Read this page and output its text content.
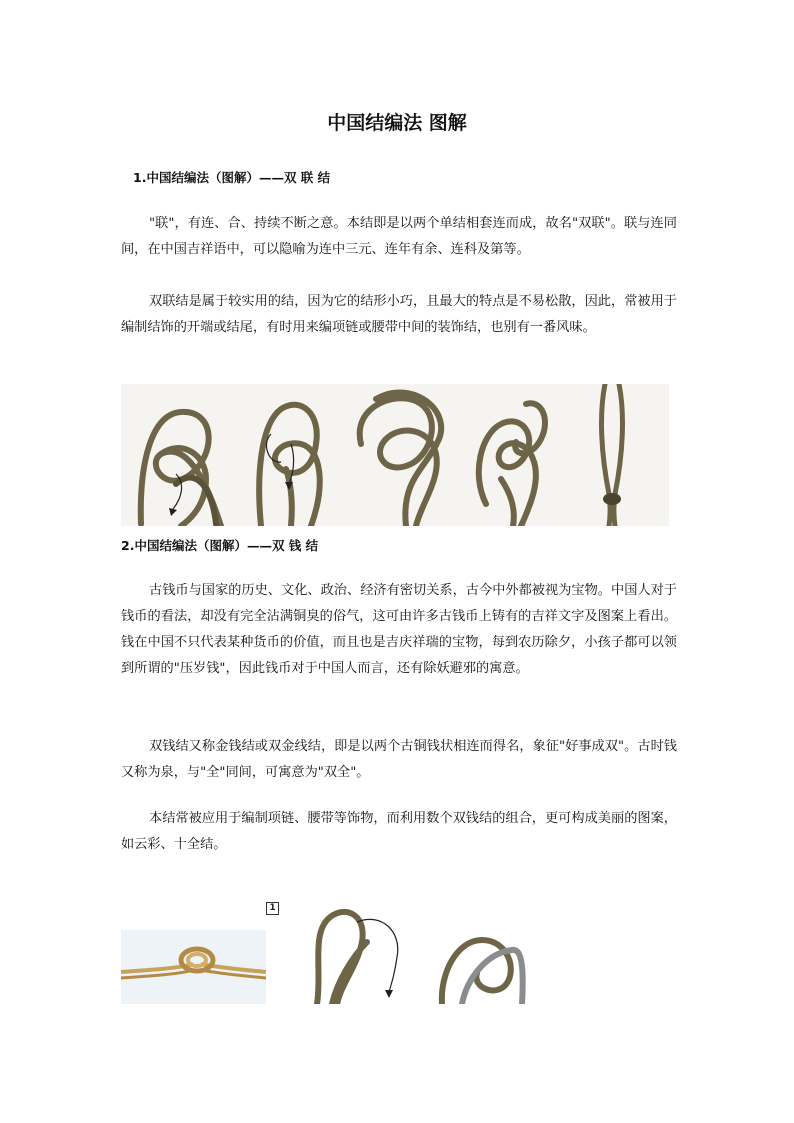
中国结编法 图解
1.中国结编法（图解）——双 联 结
"联"，有连、合、持续不断之意。本结即是以两个单结相套连而成，故名"双联"。联与连同间，在中国吉祥语中，可以隐喻为连中三元、连年有余、连科及第等。
双联结是属于较实用的结，因为它的结形小巧，且最大的特点是不易松散，因此，常被用于编制结饰的开端或结尾，有时用来编项链或腰带中间的装饰结，也别有一番风味。
2.中国结编法（图解）——双 钱 结
古钱币与国家的历史、文化、政治、经济有密切关系，古今中外都被视为宝物。中国人对于钱币的看法，却没有完全沾满铜臭的俗气，这可由许多古钱币上铸有的吉祥文字及图案上看出。钱在中国不只代表某种货币的价值，而且也是吉庆祥瑞的宝物，每到农历除夕，小孩子都可以领到所谓的"压岁钱"，因此钱币对于中国人而言，还有除妖避邪的寓意。
双钱结又称金钱结或双金线结，即是以两个古铜钱状相连而得名，象征"好事成双"。古时钱又称为泉，与"全"同间，可寓意为"双全"。
本结常被应用于编制项链、腰带等饰物，而利用数个双钱结的组合，更可构成美丽的图案，如云彩、十全结。
1
